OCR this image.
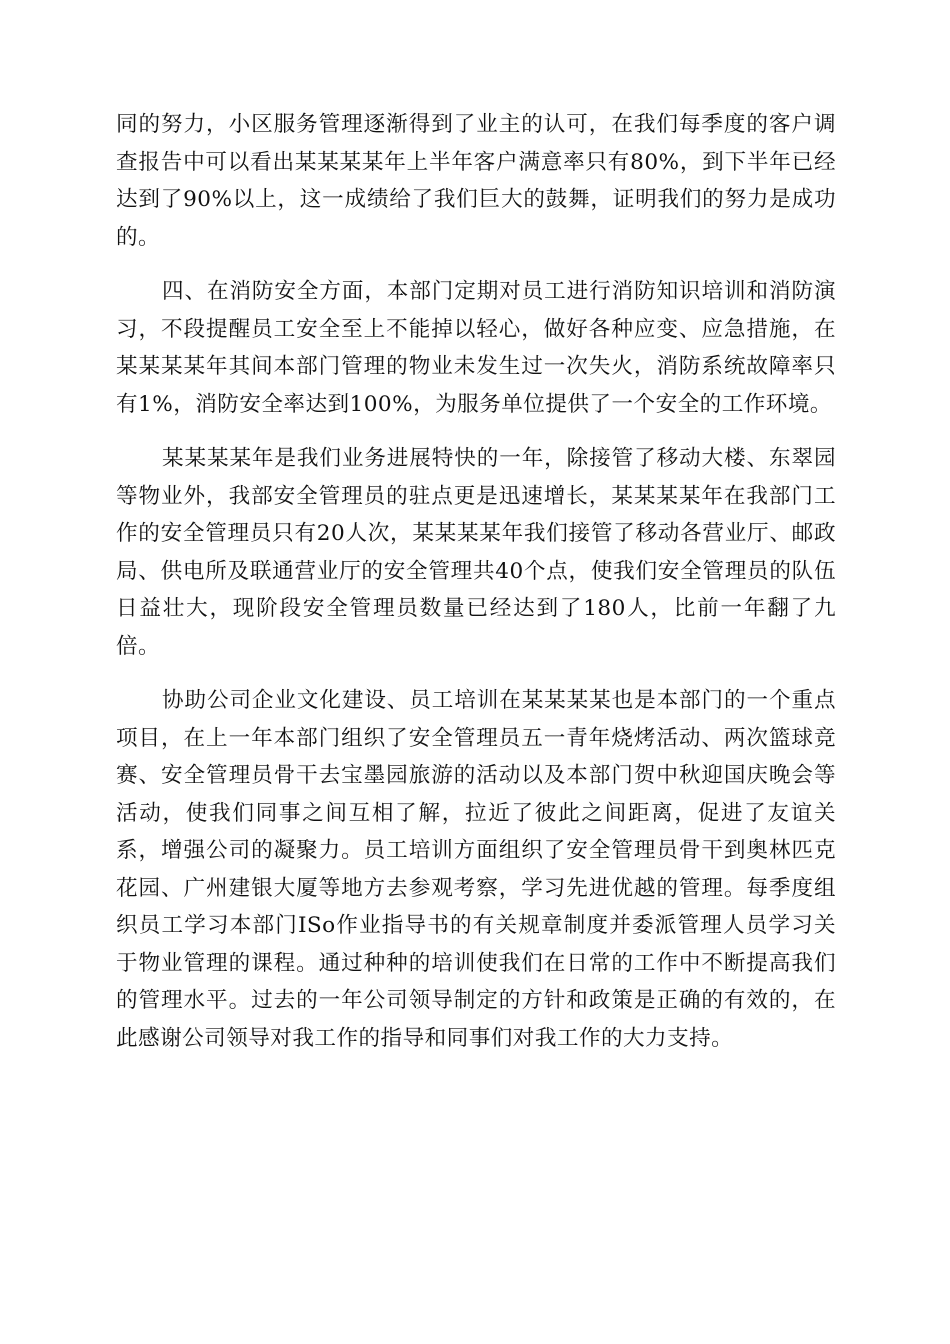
同的努力，小区服务管理逐渐得到了业主的认可，在我们每季度的客户调查报告中可以看出某某某某年上半年客户满意率只有80%，到下半年已经达到了90%以上，这一成绩给了我们巨大的鼓舞，证明我们的努力是成功的。

四、在消防安全方面，本部门定期对员工进行消防知识培训和消防演习，不段提醒员工安全至上不能掉以轻心，做好各种应变、应急措施，在某某某某年其间本部门管理的物业未发生过一次失火，消防系统故障率只有1%，消防安全率达到100%，为服务单位提供了一个安全的工作环境。

某某某某年是我们业务进展特快的一年，除接管了移动大楼、东翠园等物业外，我部安全管理员的驻点更是迅速增长，某某某某年在我部门工作的安全管理员只有20人次，某某某某年我们接管了移动各营业厅、邮政局、供电所及联通营业厅的安全管理共40个点，使我们安全管理员的队伍日益壮大，现阶段安全管理员数量已经达到了180人，比前一年翻了九倍。

协助公司企业文化建设、员工培训在某某某某也是本部门的一个重点项目，在上一年本部门组织了安全管理员五一青年烧烤活动、两次篮球竞赛、安全管理员骨干去宝墨园旅游的活动以及本部门贺中秋迎国庆晚会等活动，使我们同事之间互相了解，拉近了彼此之间距离，促进了友谊关系，增强公司的凝聚力。员工培训方面组织了安全管理员骨干到奥林匹克花园、广州建银大厦等地方去参观考察，学习先进优越的管理。每季度组织员工学习本部门ISo作业指导书的有关规章制度并委派管理人员学习关于物业管理的课程。通过种种的培训使我们在日常的工作中不断提高我们的管理水平。过去的一年公司领导制定的方针和政策是正确的有效的，在此感谢公司领导对我工作的指导和同事们对我工作的大力支持。
